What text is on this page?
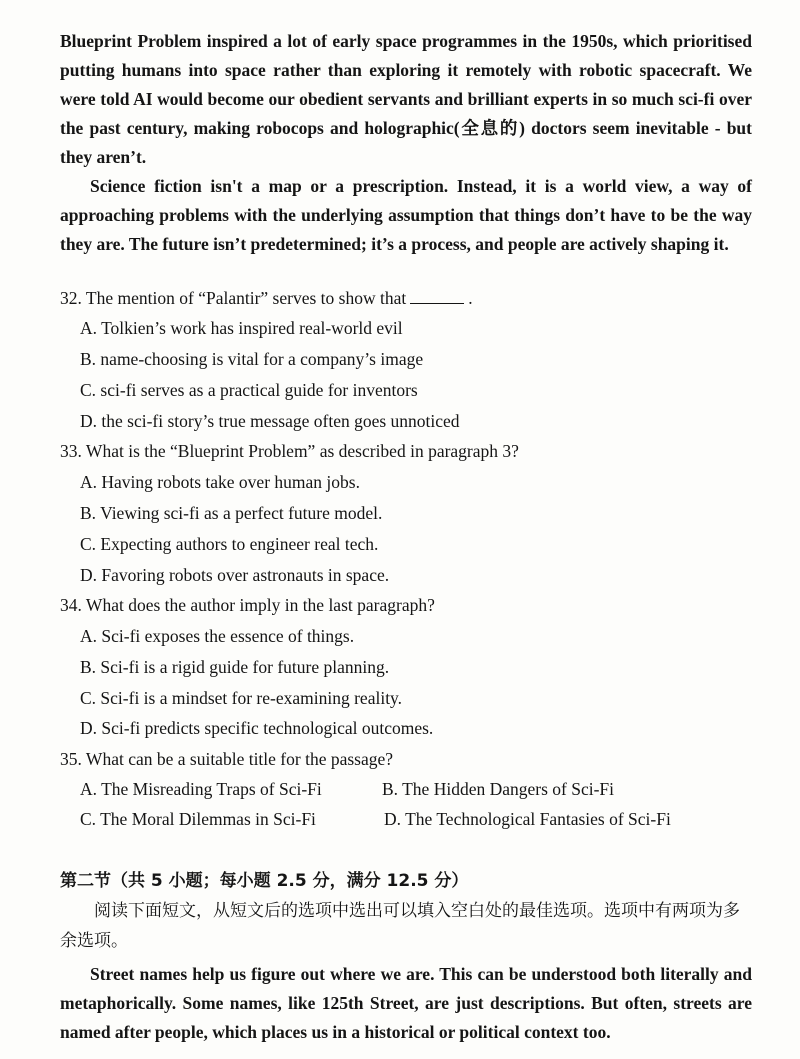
Blueprint Problem inspired a lot of early space programmes in the 1950s, which prioritised putting humans into space rather than exploring it remotely with robotic spacecraft. We were told AI would become our obedient servants and brilliant experts in so much sci-fi over the past century, making robocops and holographic(全息的) doctors seem inevitable - but they aren’t.

Science fiction isn't a map or a prescription. Instead, it is a world view, a way of approaching problems with the underlying assumption that things don’t have to be the way they are. The future isn’t predetermined; it’s a process, and people are actively shaping it.

32. The mention of “Palantir” serves to show that	.

A. Tolkien’s work has inspired real-world evil

B. name-choosing is vital for a company’s image

C. sci-fi serves as a practical guide for inventors

D. the sci-fi story’s true message often goes unnoticed

33. What is the “Blueprint Problem” as described in paragraph 3?

A. Having robots take over human jobs.

B. Viewing sci-fi as a perfect future model.

C. Expecting authors to engineer real tech.

D. Favoring robots over astronauts in space.

34. What does the author imply in the last paragraph?

A. Sci-fi exposes the essence of things.

B. Sci-fi is a rigid guide for future planning.

C. Sci-fi is a mindset for re-examining reality.

D. Sci-fi predicts specific technological outcomes.

35. What can be a suitable title for the passage?

A. The Misreading Traps of Sci-Fi	B. The Hidden Dangers of Sci-Fi

C. The Moral Dilemmas in Sci-Fi	D. The Technological Fantasies of Sci-Fi

第二节（共 5 小题；每小题 2.5 分，满分 12.5 分）

阅读下面短文，从短文后的选项中选出可以填入空白处的最佳选项。选项中有两项为多余选项。

Street names help us figure out where we are. This can be understood both literally and metaphorically. Some names, like 125th Street, are just descriptions. But often, streets are named after people, which places us in a historical or political context too.
